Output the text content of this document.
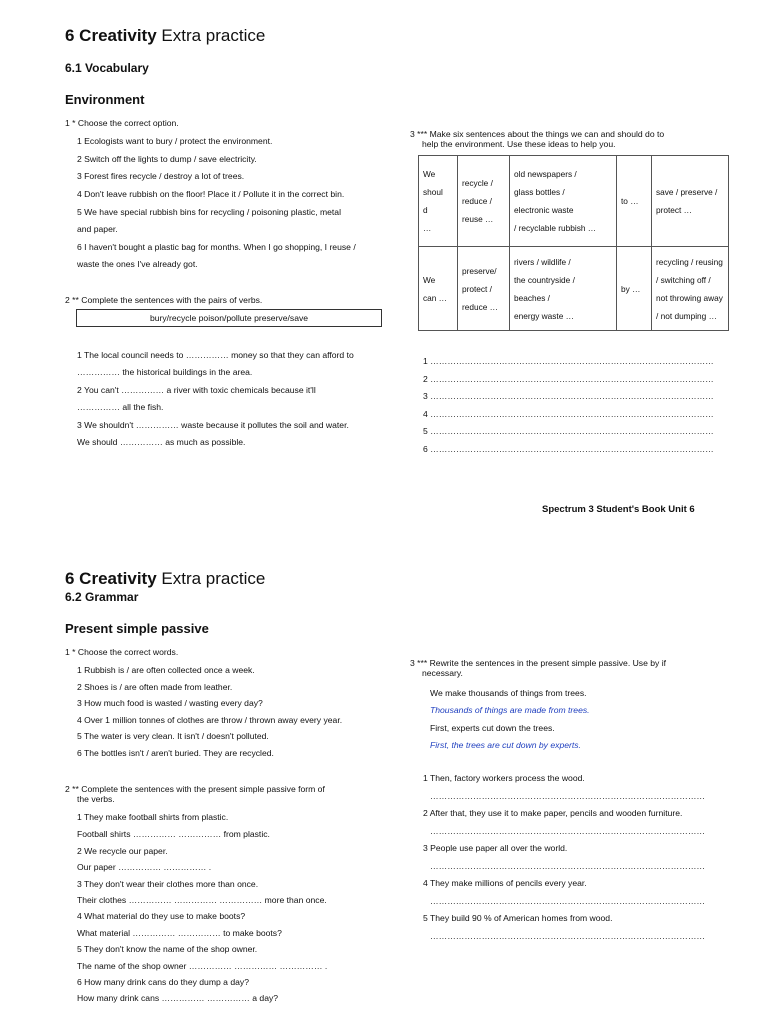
6 Creativity Extra practice
6.1 Vocabulary
Environment
1 * Choose the correct option.
1 Ecologists want to bury / protect the environment.
2 Switch off the lights to dump / save electricity.
3 Forest fires recycle / destroy a lot of trees.
4 Don't leave rubbish on the floor! Place it / Pollute it in the correct bin.
5 We have special rubbish bins for recycling / poisoning plastic, metal
and paper.
6 I haven't bought a plastic bag for months. When I go shopping, I reuse /
waste the ones I've already got.
2 ** Complete the sentences with the pairs of verbs.
bury/recycle poison/pollute preserve/save
1 The local council needs to …………… money so that they can afford to
…………… the historical buildings in the area.
2 You can't …………… a river with toxic chemicals because it'll
…………… all the fish.
3 We shouldn't …………… waste because it pollutes the soil and water.
We should …………… as much as possible.
3 *** Make six sentences about the things we can and should do to
help the environment. Use these ideas to help you.
We
shoul
d
…	recycle /
reduce /
reuse …	old newspapers /
glass bottles /
electronic waste
/ recyclable rubbish …	to …	save / preserve /
protect …
We
can …	preserve/
protect /
reduce …	rivers / wildlife /
the countryside /
beaches /
energy waste …	by …	recycling / reusing
/ switching off /
not throwing away
/ not dumping …
1 ………………………………………………………………………………………
2 ………………………………………………………………………………………
3 ………………………………………………………………………………………
4 ………………………………………………………………………………………
5 ………………………………………………………………………………………
6 ………………………………………………………………………………………
Spectrum 3 Student's Book Unit 6
6 Creativity Extra practice
6.2 Grammar
Present simple passive
1 * Choose the correct words.
1 Rubbish is / are often collected once a week.
2 Shoes is / are often made from leather.
3 How much food is wasted / wasting every day?
4 Over 1 million tonnes of clothes are throw / thrown away every year.
5 The water is very clean. It isn't / doesn't polluted.
6 The bottles isn't / aren't buried. They are recycled.
2 ** Complete the sentences with the present simple passive form of
the verbs.
1 They make football shirts from plastic.
Football shirts …………… …………… from plastic.
2 We recycle our paper.
Our paper …………… …………… .
3 They don't wear their clothes more than once.
Their clothes …………… …………… …………… more than once.
4 What material do they use to make boots?
What material …………… …………… to make boots?
5 They don't know the name of the shop owner.
The name of the shop owner …………… …………… …………… .
6 How many drink cans do they dump a day?
How many drink cans …………… …………… a day?
3 *** Rewrite the sentences in the present simple passive. Use by if
necessary.
We make thousands of things from trees.
Thousands of things are made from trees.
First, experts cut down the trees.
First, the trees are cut down by experts.
1 Then, factory workers process the wood.
……………………………………………………………………………………
2 After that, they use it to make paper, pencils and wooden furniture.
……………………………………………………………………………………
3 People use paper all over the world.
……………………………………………………………………………………
4 They make millions of pencils every year.
……………………………………………………………………………………
5 They build 90 % of American homes from wood.
……………………………………………………………………………………
